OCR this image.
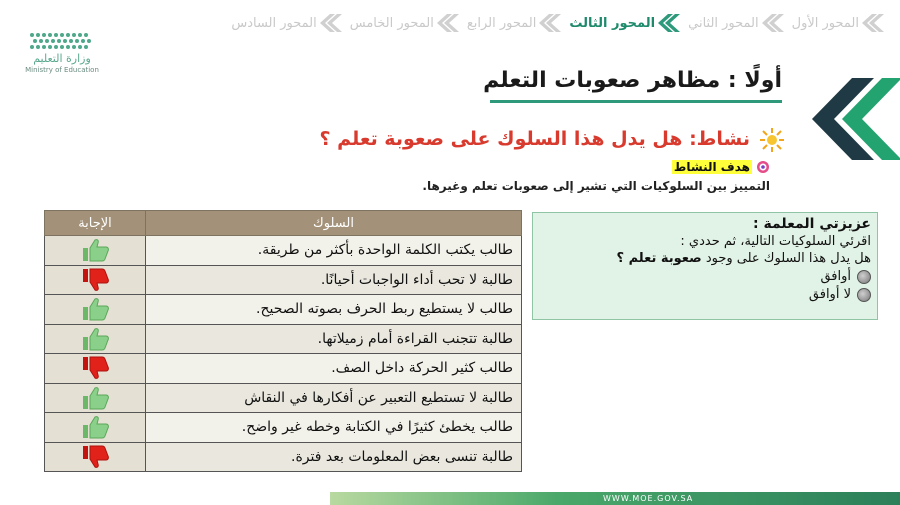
المحور الأول
المحور الثاني
المحور الثالث
المحور الرابع
المحور الخامس
المحور السادس
وزارة التعليم
Ministry of Education	أولًا : مظاهر صعوبات التعلم
نشاط: هل يدل هذا السلوك على صعوبة تعلم ؟
هدف النشاط
التمييز بين السلوكيات التي تشير إلى صعوبات تعلم وغيرها.
السلوك	الإجابة
طالب يكتب الكلمة الواحدة بأكثر من طريقة.	
طالبة لا تحب أداء الواجبات أحيانًا.	
طالب لا يستطيع ربط الحرف بصوته الصحيح.	
طالبة تتجنب القراءة أمام زميلاتها.	
طالب كثير الحركة داخل الصف.	
طالبة لا تستطيع التعبير عن أفكارها في النقاش	
طالب يخطئ كثيرًا في الكتابة وخطه غير واضح.	
طالبة تنسى بعض المعلومات بعد فترة.	
عزيزتي المعلمة :
اقرئي السلوكيات التالية، ثم حددي :
هل يدل هذا السلوك على وجود صعوبة تعلم ؟
أوافق
لا أوافق
WWW.MOE.GOV.SA
